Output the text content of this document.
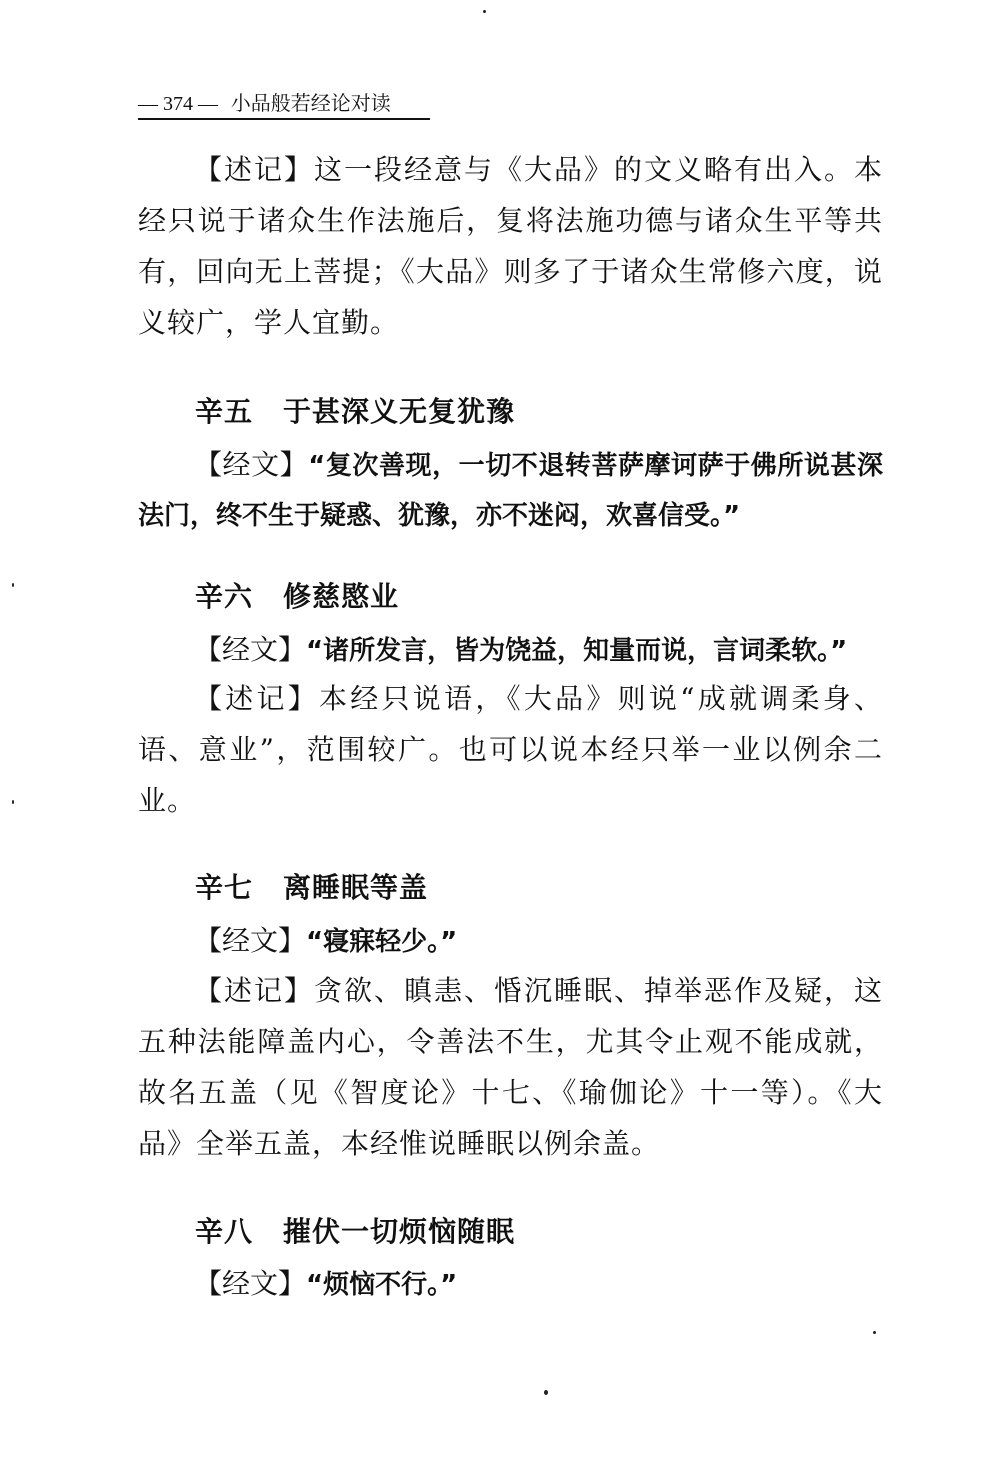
— 374 — 小品般若经论对读
【述记】这一段经意与《大品》的文义略有出入。本经只说于诸众生作法施后，复将法施功德与诸众生平等共有，回向无上菩提；《大品》则多了于诸众生常修六度，说义较广，学人宜勤。
辛五 于甚深义无复犹豫
【经文】“复次善现，一切不退转菩萨摩诃萨于佛所说甚深法门，终不生于疑惑、犹豫，亦不迷闷，欢喜信受。”
辛六 修慈愍业
【经文】“诸所发言，皆为饶益，知量而说，言词柔软。”
【述记】本经只说语，《大品》则说“成就调柔身、语、意业”，范围较广。也可以说本经只举一业以例余二业。
辛七 离睡眠等盖
【经文】“寝寐轻少。”
【述记】贪欲、瞋恚、惛沉睡眠、掉举恶作及疑，这五种法能障盖内心，令善法不生，尤其令止观不能成就，故名五盖（见《智度论》十七、《瑜伽论》十一等）。《大品》全举五盖，本经惟说睡眠以例余盖。
辛八 摧伏一切烦恼随眠
【经文】“烦恼不行。”
